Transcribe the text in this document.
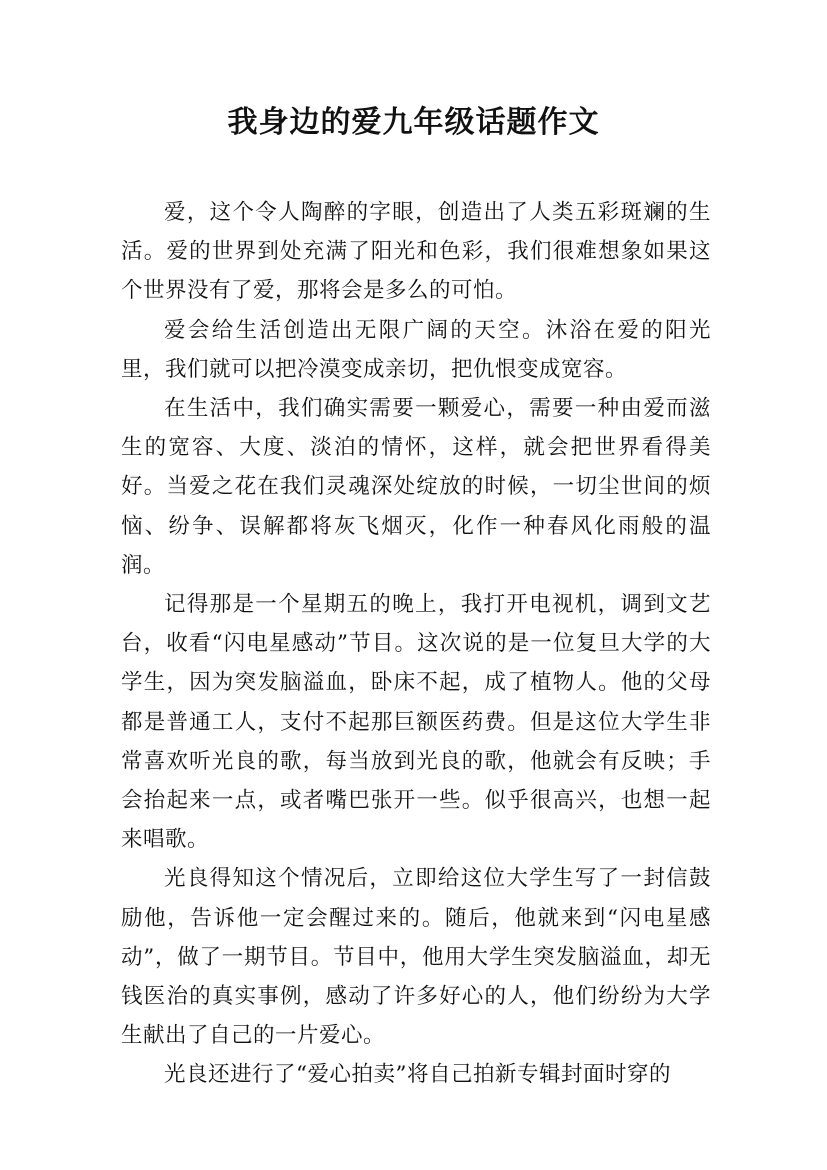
我身边的爱九年级话题作文

爱，这个令人陶醉的字眼，创造出了人类五彩斑斓的生活。爱的世界到处充满了阳光和色彩，我们很难想象如果这个世界没有了爱，那将会是多么的可怕。

爱会给生活创造出无限广阔的天空。沐浴在爱的阳光里，我们就可以把冷漠变成亲切，把仇恨变成宽容。

在生活中，我们确实需要一颗爱心，需要一种由爱而滋生的宽容、大度、淡泊的情怀，这样，就会把世界看得美好。当爱之花在我们灵魂深处绽放的时候，一切尘世间的烦恼、纷争、误解都将灰飞烟灭，化作一种春风化雨般的温润。

记得那是一个星期五的晚上，我打开电视机，调到文艺台，收看“闪电星感动”节目。这次说的是一位复旦大学的大学生，因为突发脑溢血，卧床不起，成了植物人。他的父母都是普通工人，支付不起那巨额医药费。但是这位大学生非常喜欢听光良的歌，每当放到光良的歌，他就会有反映；手会抬起来一点，或者嘴巴张开一些。似乎很高兴，也想一起来唱歌。

光良得知这个情况后，立即给这位大学生写了一封信鼓励他，告诉他一定会醒过来的。随后，他就来到“闪电星感动”，做了一期节目。节目中，他用大学生突发脑溢血，却无钱医治的真实事例，感动了许多好心的人，他们纷纷为大学生献出了自己的一片爱心。

光良还进行了“爱心拍卖”将自己拍新专辑封面时穿的
